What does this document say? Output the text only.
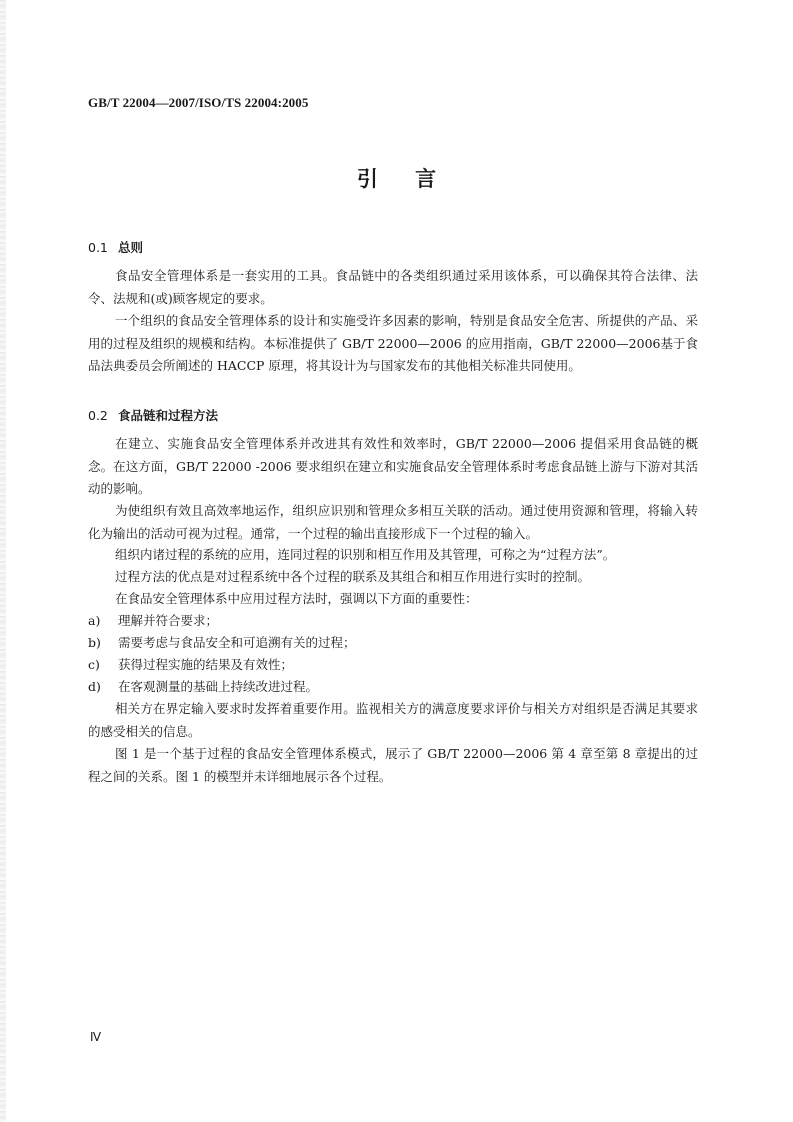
GB/T 22004—2007/ISO/TS 22004:2005
引 言
0.1 总则
食品安全管理体系是一套实用的工具。食品链中的各类组织通过采用该体系，可以确保其符合法律、法令、法规和(或)顾客规定的要求。
一个组织的食品安全管理体系的设计和实施受许多因素的影响，特别是食品安全危害、所提供的产品、采用的过程及组织的规模和结构。本标准提供了 GB/T 22000—2006 的应用指南，GB/T 22000—2006基于食品法典委员会所阐述的 HACCP 原理，将其设计为与国家发布的其他相关标准共同使用。
0.2 食品链和过程方法
在建立、实施食品安全管理体系并改进其有效性和效率时，GB/T 22000—2006 提倡采用食品链的概念。在这方面，GB/T 22000 -2006 要求组织在建立和实施食品安全管理体系时考虑食品链上游与下游对其活动的影响。
为使组织有效且高效率地运作，组织应识别和管理众多相互关联的活动。通过使用资源和管理，将输入转化为输出的活动可视为过程。通常，一个过程的输出直接形成下一个过程的输入。
组织内诸过程的系统的应用，连同过程的识别和相互作用及其管理，可称之为“过程方法”。
过程方法的优点是对过程系统中各个过程的联系及其组合和相互作用进行实时的控制。
在食品安全管理体系中应用过程方法时，强调以下方面的重要性：
a) 理解并符合要求；
b) 需要考虑与食品安全和可追溯有关的过程；
c) 获得过程实施的结果及有效性；
d) 在客观测量的基础上持续改进过程。
相关方在界定输入要求时发挥着重要作用。监视相关方的满意度要求评价与相关方对组织是否满足其要求的感受相关的信息。
图 1 是一个基于过程的食品安全管理体系模式，展示了 GB/T 22000—2006 第 4 章至第 8 章提出的过程之间的关系。图 1 的模型并未详细地展示各个过程。
Ⅳ
